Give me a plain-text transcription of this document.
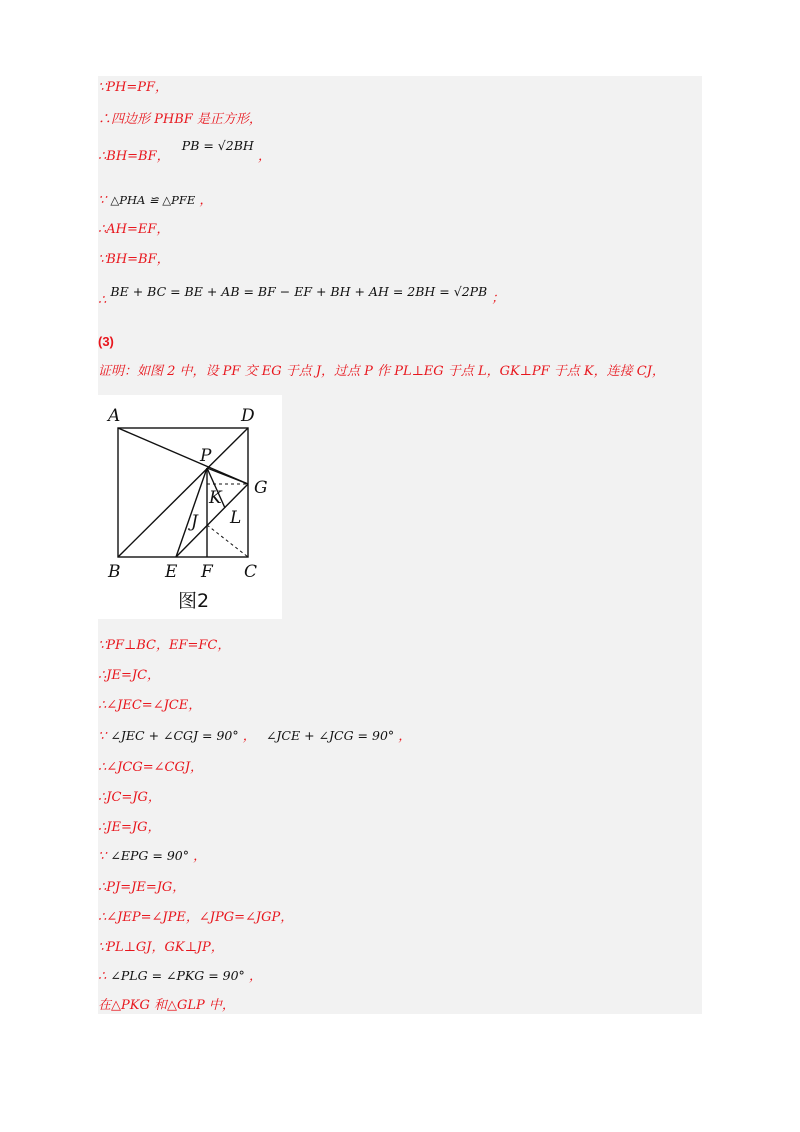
∵PH=PF，
∴四边形 PHBF 是正方形，
∴BH=BF， PB = √2BH ，
∵ △PHA ≌ △PFE ，
∴AH=EF，
∵BH=BF，
∴ BE + BC = BE + AB = BF − EF + BH + AH = 2BH = √2PB ；
(3)
证明：如图 2 中，设 PF 交 EG 于点 J，过点 P 作 PL⊥EG 于点 L，GK⊥PF 于点 K，连接 CJ，
A	D
P
G
K
L
J
B	E F C
图2
∵PF⊥BC，EF=FC，
∴JE=JC，
∴∠JEC=∠JCE，
∵ ∠JEC + ∠CGJ = 90° ， ∠JCE + ∠JCG = 90° ，
∴∠JCG=∠CGJ，
∴JC=JG，
∴JE=JG，
∵ ∠EPG = 90° ，
∴PJ=JE=JG，
∴∠JEP=∠JPE，∠JPG=∠JGP，
∵PL⊥GJ，GK⊥JP，
∴ ∠PLG = ∠PKG = 90° ，
在△PKG 和△GLP 中，
